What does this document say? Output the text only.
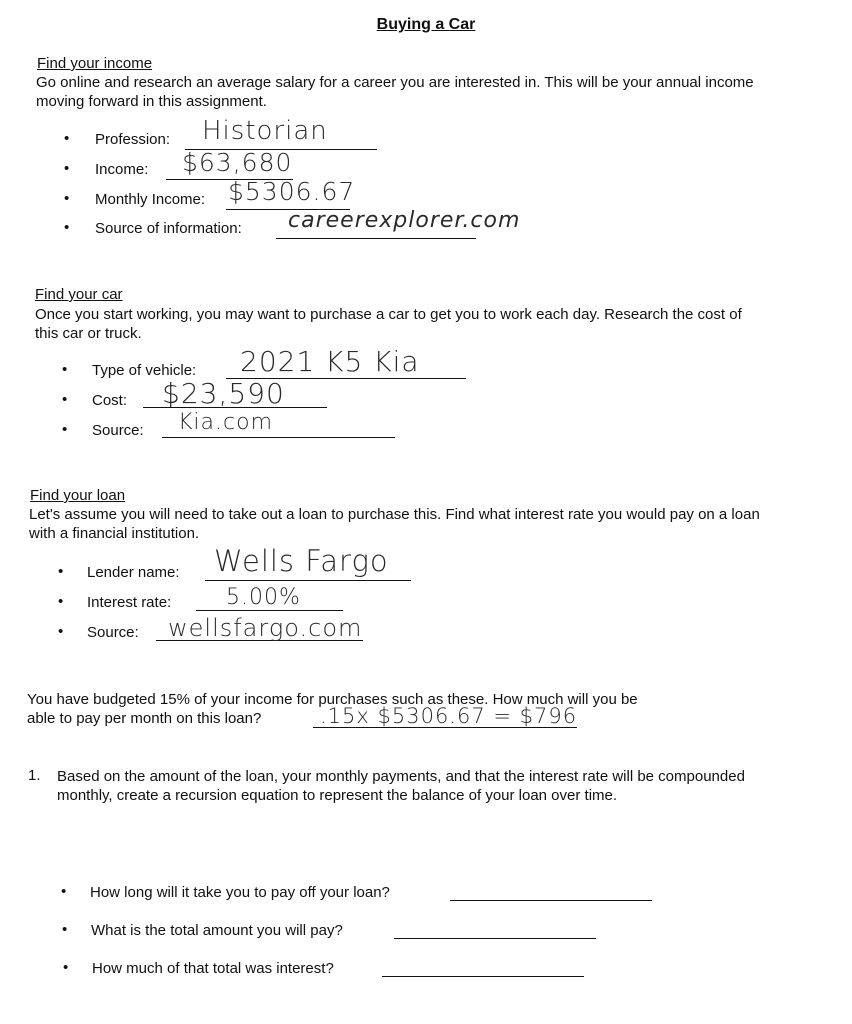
Buying a Car
Find your income
Go online and research an average salary for a career you are interested in. This will be your annual income moving forward in this assignment.
• Profession: Historian
• Income: $63,680
• Monthly Income: $5306.67
• Source of information: careerexplorer.com
Find your car
Once you start working, you may want to purchase a car to get you to work each day. Research the cost of this car or truck.
• Type of vehicle: 2021 K5 Kia
• Cost: $23,590
• Source: Kia.com
Find your loan
Let's assume you will need to take out a loan to purchase this. Find what interest rate you would pay on a loan with a financial institution.
• Lender name: Wells Fargo
• Interest rate: 5.00%
• Source: wellsfargo.com
You have budgeted 15% of your income for purchases such as these. How much will you be
able to pay per month on this loan?	.15x $5306.67 = $796
1. Based on the amount of the loan, your monthly payments, and that the interest rate will be compounded monthly, create a recursion equation to represent the balance of your loan over time.
• How long will it take you to pay off your loan?
• What is the total amount you will pay?
• How much of that total was interest?
